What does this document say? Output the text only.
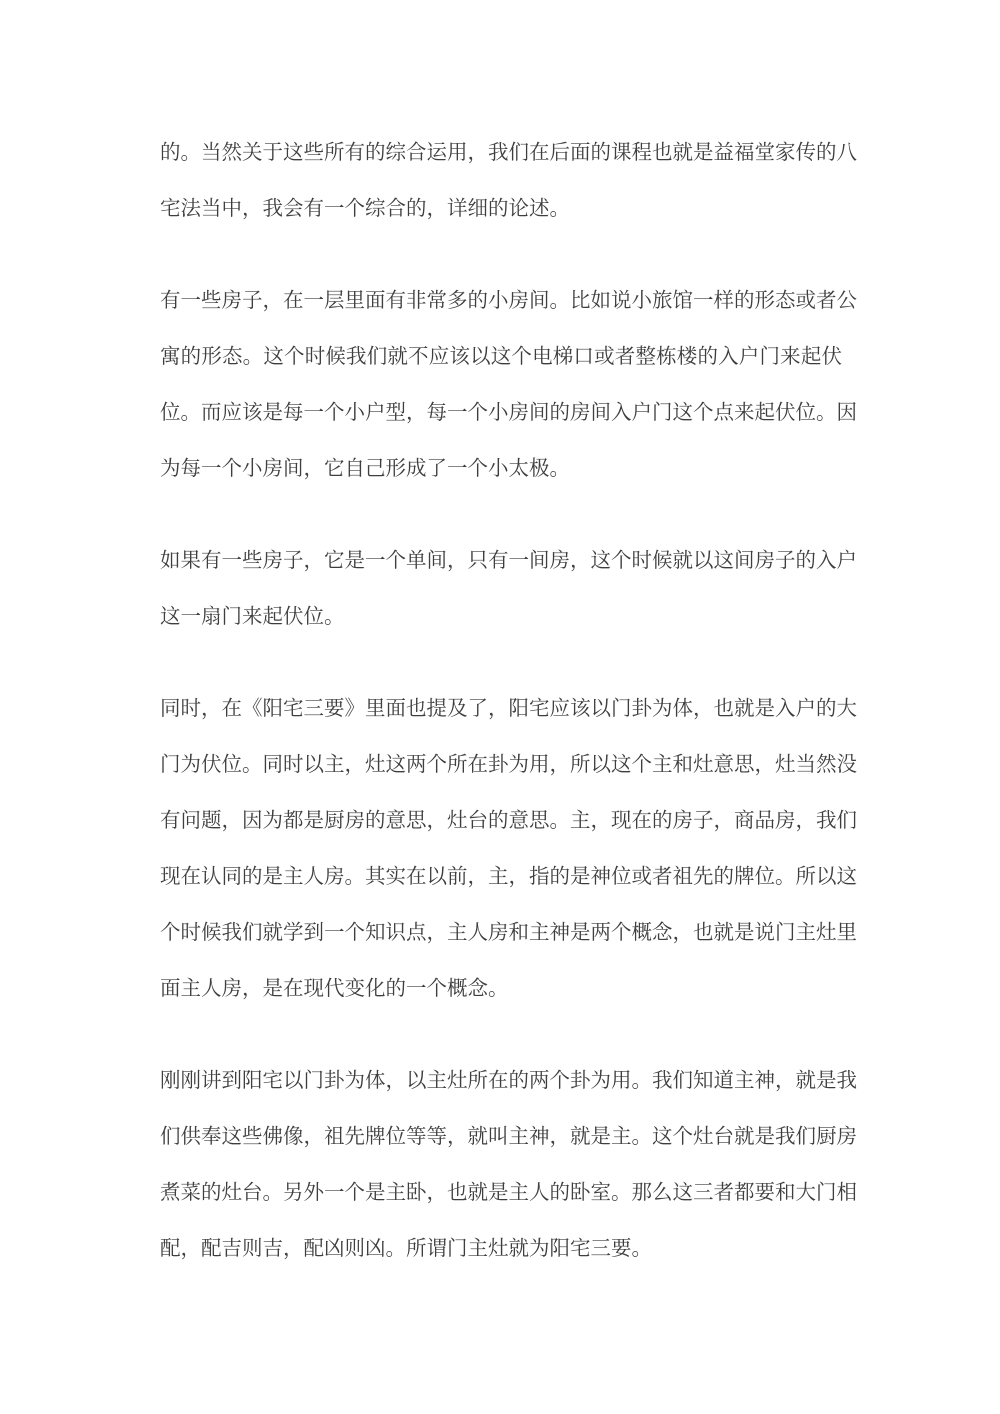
的。当然关于这些所有的综合运用，我们在后面的课程也就是益福堂家传的八
宅法当中，我会有一个综合的，详细的论述。
有一些房子，在一层里面有非常多的小房间。比如说小旅馆一样的形态或者公
寓的形态。这个时候我们就不应该以这个电梯口或者整栋楼的入户门来起伏
位。而应该是每一个小户型，每一个小房间的房间入户门这个点来起伏位。因
为每一个小房间，它自己形成了一个小太极。
如果有一些房子，它是一个单间，只有一间房，这个时候就以这间房子的入户
这一扇门来起伏位。
同时，在《阳宅三要》里面也提及了，阳宅应该以门卦为体，也就是入户的大
门为伏位。同时以主，灶这两个所在卦为用，所以这个主和灶意思，灶当然没
有问题，因为都是厨房的意思，灶台的意思。主，现在的房子，商品房，我们
现在认同的是主人房。其实在以前，主，指的是神位或者祖先的牌位。所以这
个时候我们就学到一个知识点，主人房和主神是两个概念，也就是说门主灶里
面主人房，是在现代变化的一个概念。
刚刚讲到阳宅以门卦为体，以主灶所在的两个卦为用。我们知道主神，就是我
们供奉这些佛像，祖先牌位等等，就叫主神，就是主。这个灶台就是我们厨房
煮菜的灶台。另外一个是主卧，也就是主人的卧室。那么这三者都要和大门相
配，配吉则吉，配凶则凶。所谓门主灶就为阳宅三要。
